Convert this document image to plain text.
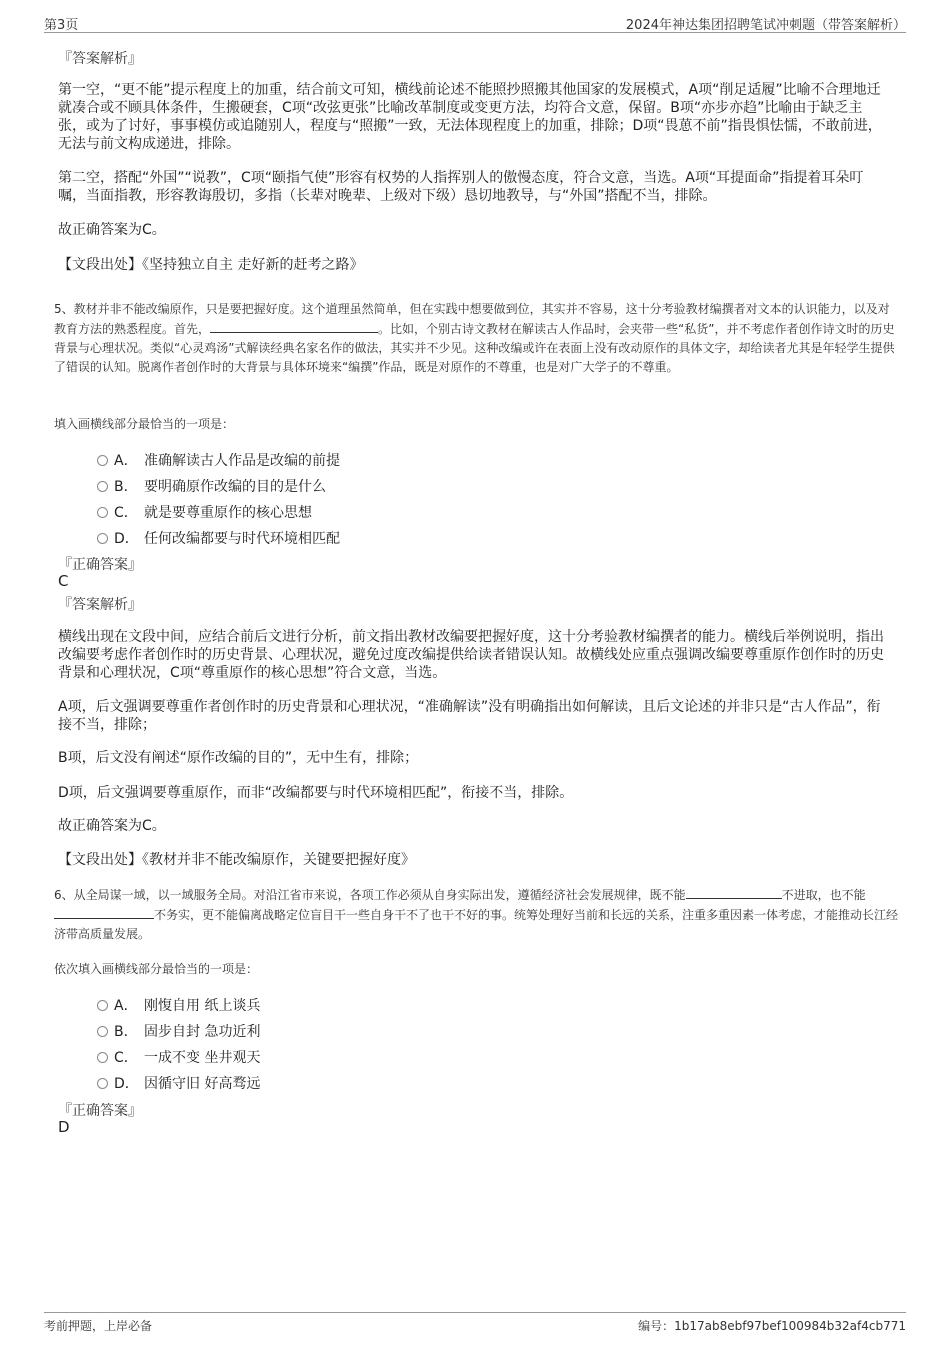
第3页	2024年神达集团招聘笔试冲刺题（带答案解析）
『答案解析』
第一空，“更不能”提示程度上的加重，结合前文可知，横线前论述不能照抄照搬其他国家的发展模式，A项“削足适履”比喻不合理地迁就凑合或不顾具体条件，生搬硬套，C项“改弦更张”比喻改革制度或变更方法，均符合文意，保留。B项“亦步亦趋”比喻由于缺乏主张，或为了讨好，事事模仿或追随别人，程度与“照搬”一致，无法体现程度上的加重，排除；D项“畏葸不前”指畏惧怯懦，不敢前进，无法与前文构成递进，排除。
第二空，搭配“外国”“说教”，C项“颐指气使”形容有权势的人指挥别人的傲慢态度，符合文意，当选。A项“耳提面命”指提着耳朵叮嘱，当面指教，形容教诲殷切，多指（长辈对晚辈、上级对下级）恳切地教导，与“外国”搭配不当，排除。
故正确答案为C。
【文段出处】《坚持独立自主 走好新的赶考之路》
5、教材并非不能改编原作，只是要把握好度。这个道理虽然简单，但在实践中想要做到位，其实并不容易，这十分考验教材编撰者对文本的认识能力，以及对教育方法的熟悉程度。首先，	。比如，个别古诗文教材在解读古人作品时，会夹带一些“私货”，并不考虑作者创作诗文时的历史背景与心理状况。类似“心灵鸡汤”式解读经典名家名作的做法，其实并不少见。这种改编或许在表面上没有改动原作的具体文字，却给读者尤其是年轻学生提供了错误的认知。脱离作者创作时的大背景与具体环境来“编撰”作品，既是对原作的不尊重，也是对广大学子的不尊重。
填入画横线部分最恰当的一项是：
A． 准确解读古人作品是改编的前提
B． 要明确原作改编的目的是什么
C． 就是要尊重原作的核心思想
D． 任何改编都要与时代环境相匹配
『正确答案』
C
『答案解析』
横线出现在文段中间，应结合前后文进行分析，前文指出教材改编要把握好度，这十分考验教材编撰者的能力。横线后举例说明，指出改编要考虑作者创作时的历史背景、心理状况，避免过度改编提供给读者错误认知。故横线处应重点强调改编要尊重原作创作时的历史背景和心理状况，C项“尊重原作的核心思想”符合文意，当选。
A项，后文强调要尊重作者创作时的历史背景和心理状况，“准确解读”没有明确指出如何解读，且后文论述的并非只是“古人作品”，衔接不当，排除；
B项，后文没有阐述“原作改编的目的”，无中生有，排除；
D项，后文强调要尊重原作，而非“改编都要与时代环境相匹配”，衔接不当，排除。
故正确答案为C。
【文段出处】《教材并非不能改编原作，关键要把握好度》
6、从全局谋一域，以一域服务全局。对沿江省市来说，各项工作必须从自身实际出发，遵循经济社会发展规律，既不能	不进取，也不能不务实，更不能偏离战略定位盲目干一些自身干不了也干不好的事。统筹处理好当前和长远的关系，注重多重因素一体考虑，才能推动长江经济带高质量发展。
依次填入画横线部分最恰当的一项是：
A． 刚愎自用 纸上谈兵
B． 固步自封 急功近利
C． 一成不变 坐井观天
D． 因循守旧 好高骛远
『正确答案』
D
考前押题，上岸必备	编号：1b17ab8ebf97bef100984b32af4cb771
